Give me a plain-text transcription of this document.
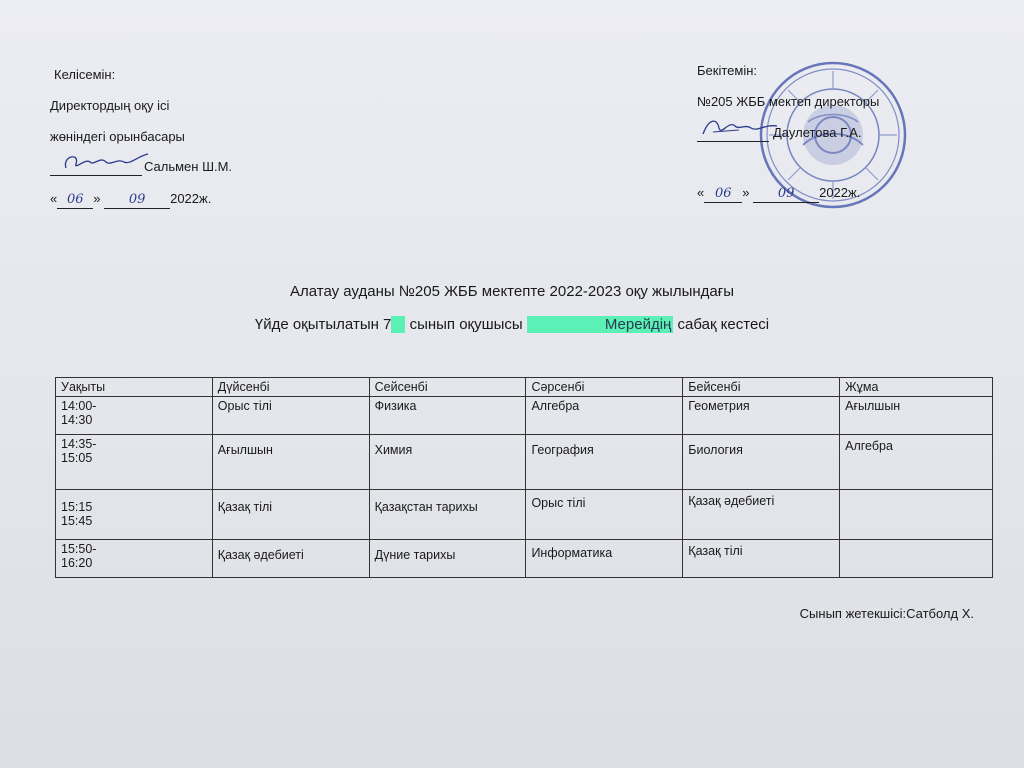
Келісемін:
Директордың оқу ісі
жөніндегі орынбасары
Сальмен Ш.М.
« 06 » 09 2022ж.
Бекітемін:
№205 ЖББ мектеп директоры
Даулетова Г.А.
« 06 » 09 2022ж.
Алатау ауданы №205 ЖББ мектепте 2022-2023 оқу жылындағы
Үйде оқытылатын 7 А сынып оқушысы	Мерейдің сабақ кестесі
Уақыты	Дүйсенбі	Сейсенбі	Сәрсенбі	Бейсенбі	Жұма
14:00-
14:30	Орыс тілі	Физика	Алгебра	Геометрия	Ағылшын
14:35-
15:05	Ағылшын	Химия	География	Биология	Алгебра
15:15
15:45	Қазақ тілі	Қазақстан тарихы	Орыс тілі	Қазақ әдебиеті	
15:50-
16:20	Қазақ әдебиеті	Дүние тарихы	Информатика	Қазақ тілі	
Сынып жетекшісі:Сатболд Х.
